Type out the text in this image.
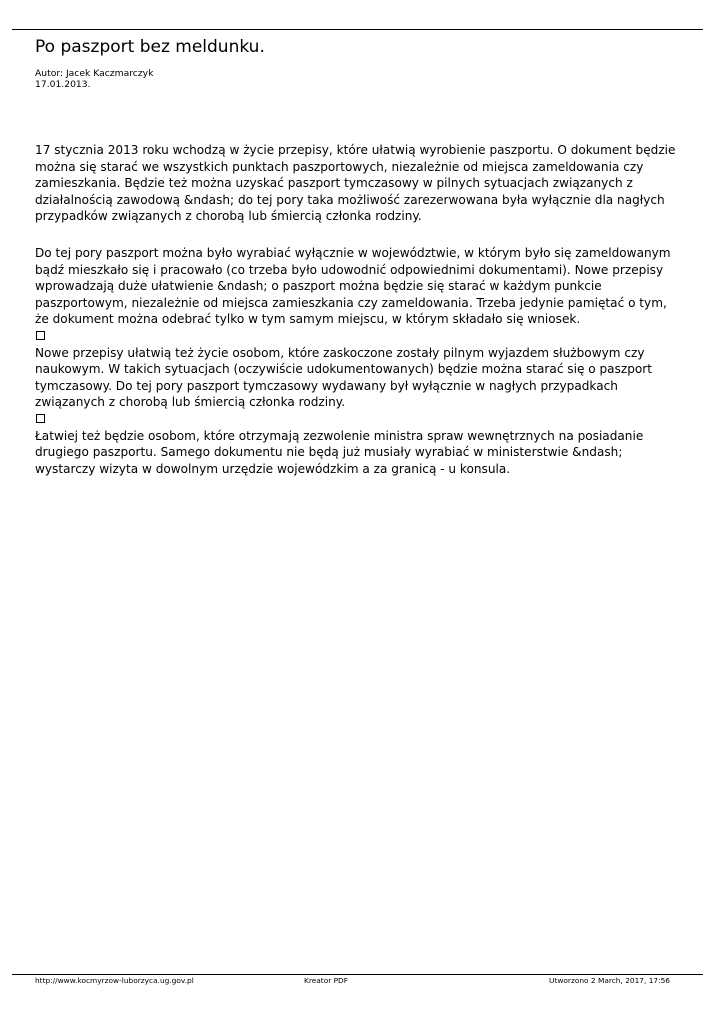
Po paszport bez meldunku.
Autor: Jacek Kaczmarczyk
17.01.2013.
17 stycznia 2013 roku wchodzą w życie przepisy, które ułatwią wyrobienie paszportu. O dokument będzie
można się starać we wszystkich punktach paszportowych, niezależnie od miejsca zameldowania czy
zamieszkania. Będzie też można uzyskać paszport tymczasowy w pilnych sytuacjach związanych z
działalnością zawodową &ndash; do tej pory taka możliwość zarezerwowana była wyłącznie dla nagłych
przypadków związanych z chorobą lub śmiercią członka rodziny.
Do tej pory paszport można było wyrabiać wyłącznie w województwie, w którym było się zameldowanym
bądź mieszkało się i pracowało (co trzeba było udowodnić odpowiednimi dokumentami). Nowe przepisy
wprowadzają duże ułatwienie &ndash; o paszport można będzie się starać w każdym punkcie
paszportowym, niezależnie od miejsca zamieszkania czy zameldowania. Trzeba jedynie pamiętać o tym,
że dokument można odebrać tylko w tym samym miejscu, w którym składało się wniosek.
Nowe przepisy ułatwią też życie osobom, które zaskoczone zostały pilnym wyjazdem służbowym czy
naukowym. W takich sytuacjach (oczywiście udokumentowanych) będzie można starać się o paszport
tymczasowy. Do tej pory paszport tymczasowy wydawany był wyłącznie w nagłych przypadkach
związanych z chorobą lub śmiercią członka rodziny.
Łatwiej też będzie osobom, które otrzymają zezwolenie ministra spraw wewnętrznych na posiadanie
drugiego paszportu. Samego dokumentu nie będą już musiały wyrabiać w ministerstwie &ndash;
wystarczy wizyta w dowolnym urzędzie wojewódzkim a za granicą - u konsula.
http://www.kocmyrzow-luborzyca.ug.gov.pl	Kreator PDF	Utworzono 2 March, 2017, 17:56
